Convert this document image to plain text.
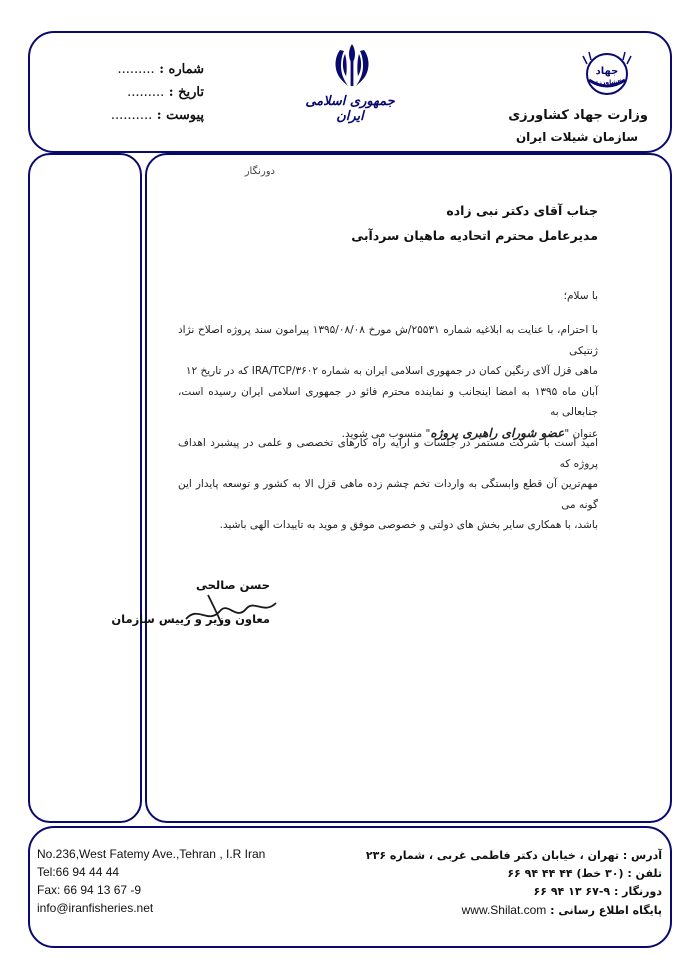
شماره : .........
تاریخ : .........
پیوست : ..........
جمهوری اسلامی ایران
جهاد
کشاورزی
وزارت جهاد کشاورزی
سازمان شیلات ایران
دورنگار
جناب آقای دکتر نبی زاده
مدیرعامل محترم اتحادیه ماهیان سردآبی
با سلام؛
با احترام، با عنایت به ابلاغیه شماره ۲۵۵۳۱/ش مورخ ۱۳۹۵/۰۸/۰۸ پیرامون سند پروژه اصلاح نژاد ژنتیکی
ماهی قزل آلای رنگین کمان در جمهوری اسلامی ایران به شماره ۳۶۰۲/IRA/TCP که در تاریخ ۱۲
آبان ماه ۱۳۹۵ به امضا اینجانب و نماینده محترم فائو در جمهوری اسلامی ایران رسیده است، جنابعالی به
عنوان "عضو شورای راهبری پروژه" منسوب می شوید.
امید است با شرکت مستمر در جلسات و ارایه راه کارهای تخصصی و علمی در پیشبرد اهداف پروژه که
مهم‌ترین آن قطع وابستگی به واردات تخم چشم زده ماهی قزل الا به کشور و توسعه پایدار این گونه می
باشد، با همکاری سایر بخش های دولتی و خصوصی موفق و موید به تاییدات الهی باشید.
حسن صالحی
معاون وزیر و رییس سازمان
No.236,West Fatemy Ave.,Tehran , I.R Iran
Tel:66 94 44 44
Fax: 66 94 13 67 -9
info@iranfisheries.net
آدرس : تهران ، خیابان دکتر فاطمی غربی ، شماره ۲۳۶
تلفن : (۳۰ خط) ۴۴ ۴۴ ۹۴ ۶۶
دورنگار : ۹-۶۷ ۱۳ ۹۴ ۶۶
پایگاه اطلاع رسانی : www.Shilat.com
